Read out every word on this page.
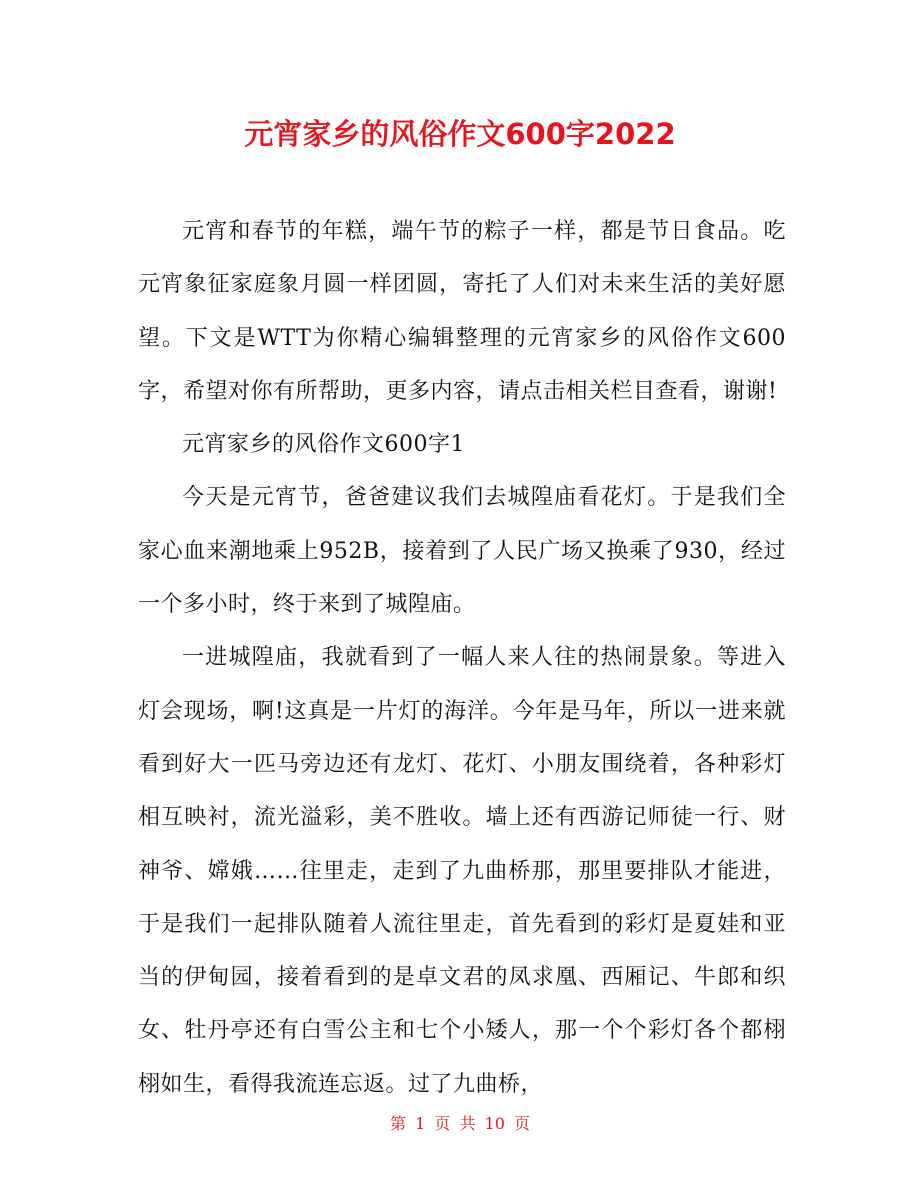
元宵家乡的风俗作文600字2022

元宵和春节的年糕，端午节的粽子一样，都是节日食品。吃元宵象征家庭象月圆一样团圆，寄托了人们对未来生活的美好愿望。下文是WTT为你精心编辑整理的元宵家乡的风俗作文600字，希望对你有所帮助，更多内容，请点击相关栏目查看，谢谢!

元宵家乡的风俗作文600字1

今天是元宵节，爸爸建议我们去城隍庙看花灯。于是我们全家心血来潮地乘上952B，接着到了人民广场又换乘了930，经过一个多小时，终于来到了城隍庙。

一进城隍庙，我就看到了一幅人来人往的热闹景象。等进入灯会现场，啊!这真是一片灯的海洋。今年是马年，所以一进来就看到好大一匹马旁边还有龙灯、花灯、小朋友围绕着，各种彩灯相互映衬，流光溢彩，美不胜收。墙上还有西游记师徒一行、财神爷、嫦娥……往里走，走到了九曲桥那，那里要排队才能进，于是我们一起排队随着人流往里走，首先看到的彩灯是夏娃和亚当的伊甸园，接着看到的是卓文君的凤求凰、西厢记、牛郎和织女、牡丹亭还有白雪公主和七个小矮人，那一个个彩灯各个都栩栩如生，看得我流连忘返。过了九曲桥，

第 1 页 共 10 页
